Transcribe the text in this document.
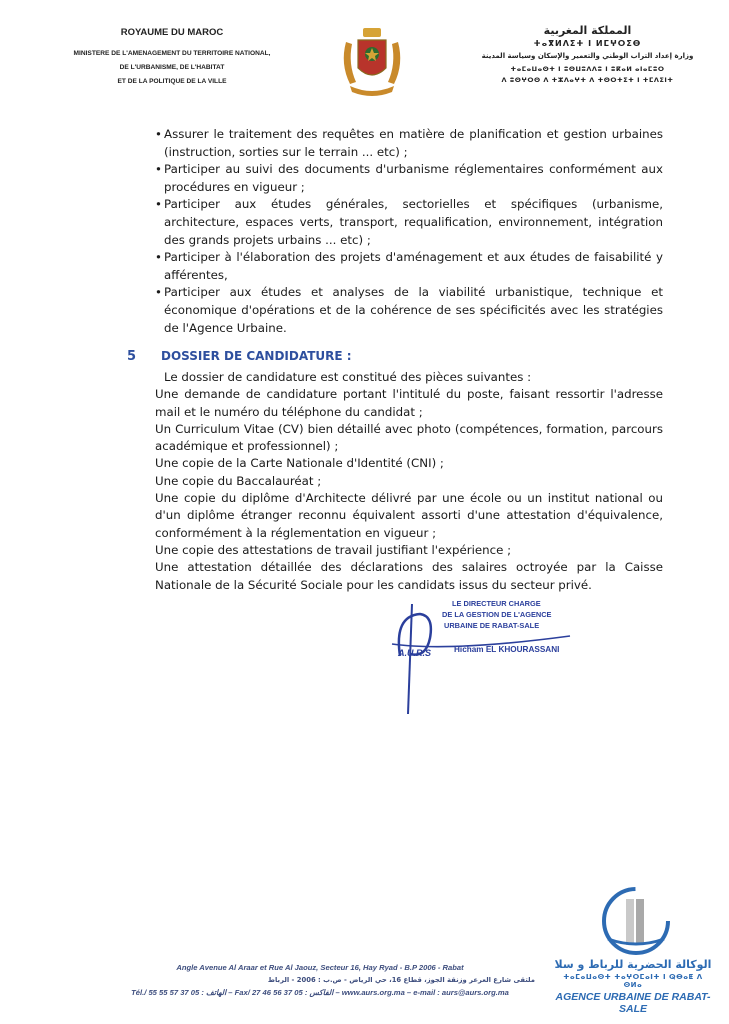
ROYAUME DU MAROC
MINISTERE DE L'AMENAGEMENT DU TERRITOIRE NATIONAL,
DE L'URBANISME, DE L'HABITAT
ET DE LA POLITIQUE DE LA VILLE
المملكة المغربية
ⵜⴰⴳⵍⴷⵉⵜ ⵏ ⵍⵎⵖⵔⵉⴱ
وزارة إعداد التراب الوطني والتعمير والإسكان وسياسة المدينة
ⵜⴰⵎⴰⵡⴰⵙⵜ ⵏ ⵓⵙⵡⵓⴷⴷⵓ ⵏ ⵓⴽⴰⵍ ⴰⵏⴰⵎⵓⵔ
ⴷ ⵓⵙⵖⵔⵙ ⴷ ⵜⵣⴷⴰⵖⵜ ⴷ ⵜⵙⵔⵜⵉⵜ ⵏ ⵜⵎⴷⵉⵏⵜ
• Assurer le traitement des requêtes en matière de planification et gestion urbaines (instruction, sorties sur le terrain ... etc) ;
• Participer au suivi des documents d'urbanisme réglementaires conformément aux procédures en vigueur ;
• Participer aux études générales, sectorielles et spécifiques (urbanisme, architecture, espaces verts, transport, requalification, environnement, intégration des grands projets urbains ... etc) ;
• Participer à l'élaboration des projets d'aménagement et aux études de faisabilité y afférentes,
• Participer aux études et analyses de la viabilité urbanistique, technique et économique d'opérations et de la cohérence de ses spécificités avec les stratégies de l'Agence Urbaine.
5 DOSSIER DE CANDIDATURE :
Le dossier de candidature est constitué des pièces suivantes :
Une demande de candidature portant l'intitulé du poste, faisant ressortir l'adresse mail et le numéro du téléphone du candidat ;
Un Curriculum Vitae (CV) bien détaillé avec photo (compétences, formation, parcours académique et professionnel) ;
Une copie de la Carte Nationale d'Identité (CNI) ;
Une copie du Baccalauréat ;
Une copie du diplôme d'Architecte délivré par une école ou un institut national ou d'un diplôme étranger reconnu équivalent assorti d'une attestation d'équivalence, conformément à la réglementation en vigueur ;
Une copie des attestations de travail justifiant l'expérience ;
Une attestation détaillée des déclarations des salaires octroyée par la Caisse Nationale de la Sécurité Sociale pour les candidats issus du secteur privé.
LE DIRECTEUR CHARGE
DE LA GESTION DE L'AGENCE
URBAINE DE RABAT-SALE
A.U.R.S	Hicham EL KHOURASSANI
Angle Avenue Al Araar et Rue Al Jaouz, Secteur 16, Hay Ryad - B.P 2006 - Rabat
ملتقى شارع العرعر وزنقة الجوز، قطاع 16، حي الرياض - ص.ب : 2006 - الرباط
Tél./ الهاتف : 05 37 57 55 55 – Fax/ الفاكس : 05 37 56 46 27 – www.aurs.org.ma – e-mail : aurs@aurs.org.ma
الوكالة الحضرية للرباط و سلا
ⵜⴰⵎⴰⵡⴰⵙⵜ ⵜⴰⵖⵔⵎⴰⵏⵜ ⵏ ⵕⴱⴰⵟ ⴷ ⵙⵍⴰ
AGENCE URBAINE DE RABAT-SALE
